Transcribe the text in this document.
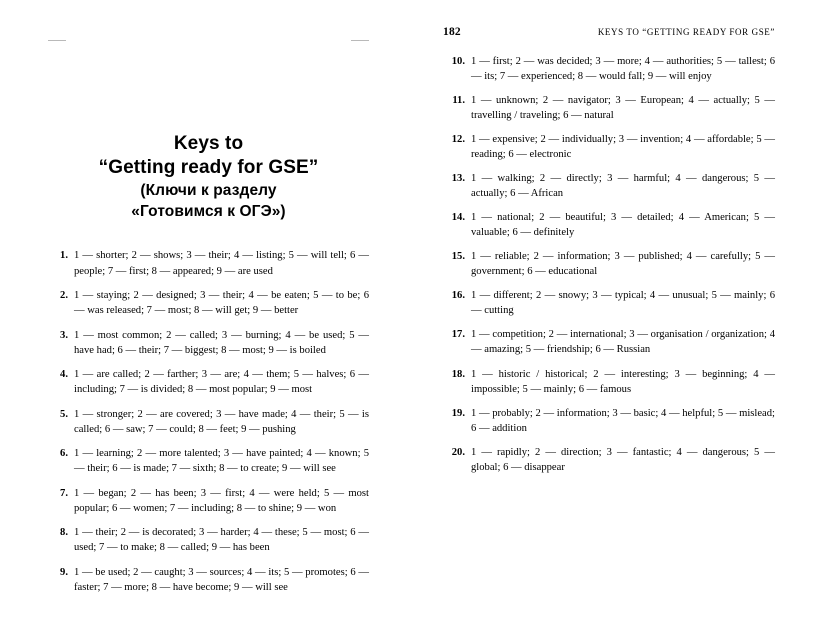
Keys to
“Getting ready for GSE”
(Ключи к разделу
«Готовимся к ОГЭ»)
1. 1 — shorter; 2 — shows; 3 — their; 4 — listing; 5 — will tell; 6 — people; 7 — first; 8 — appeared; 9 — are used
2. 1 — staying; 2 — designed; 3 — their; 4 — be eaten; 5 — to be; 6 — was released; 7 — most; 8 — will get; 9 — better
3. 1 — most common; 2 — called; 3 — burning; 4 — be used; 5 — have had; 6 — their; 7 — biggest; 8 — most; 9 — is boiled
4. 1 — are called; 2 — farther; 3 — are; 4 — them; 5 — halves; 6 — including; 7 — is divided; 8 — most popular; 9 — most
5. 1 — stronger; 2 — are covered; 3 — have made; 4 — their; 5 — is called; 6 — saw; 7 — could; 8 — feet; 9 — pushing
6. 1 — learning; 2 — more talented; 3 — have painted; 4 — known; 5 — their; 6 — is made; 7 — sixth; 8 — to create; 9 — will see
7. 1 — began; 2 — has been; 3 — first; 4 — were held; 5 — most popular; 6 — women; 7 — including; 8 — to shine; 9 — won
8. 1 — their; 2 — is decorated; 3 — harder; 4 — these; 5 — most; 6 — used; 7 — to make; 8 — called; 9 — has been
9. 1 — be used; 2 — caught; 3 — sources; 4 — its; 5 — promotes; 6 — faster; 7 — more; 8 — have become; 9 — will see
182	KEYS TO “GETTING READY FOR GSE”
10. 1 — first; 2 — was decided; 3 — more; 4 — authorities; 5 — tallest; 6 — its; 7 — experienced; 8 — would fall; 9 — will enjoy
11. 1 — unknown; 2 — navigator; 3 — European; 4 — actually; 5 — travelling / traveling; 6 — natural
12. 1 — expensive; 2 — individually; 3 — invention; 4 — affordable; 5 — reading; 6 — electronic
13. 1 — walking; 2 — directly; 3 — harmful; 4 — dangerous; 5 — actually; 6 — African
14. 1 — national; 2 — beautiful; 3 — detailed; 4 — American; 5 — valuable; 6 — definitely
15. 1 — reliable; 2 — information; 3 — published; 4 — carefully; 5 — government; 6 — educational
16. 1 — different; 2 — snowy; 3 — typical; 4 — unusual; 5 — mainly; 6 — cutting
17. 1 — competition; 2 — international; 3 — organisation / organization; 4 — amazing; 5 — friendship; 6 — Russian
18. 1 — historic / historical; 2 — interesting; 3 — beginning; 4 — impossible; 5 — mainly; 6 — famous
19. 1 — probably; 2 — information; 3 — basic; 4 — helpful; 5 — mislead; 6 — addition
20. 1 — rapidly; 2 — direction; 3 — fantastic; 4 — dangerous; 5 — global; 6 — disappear
